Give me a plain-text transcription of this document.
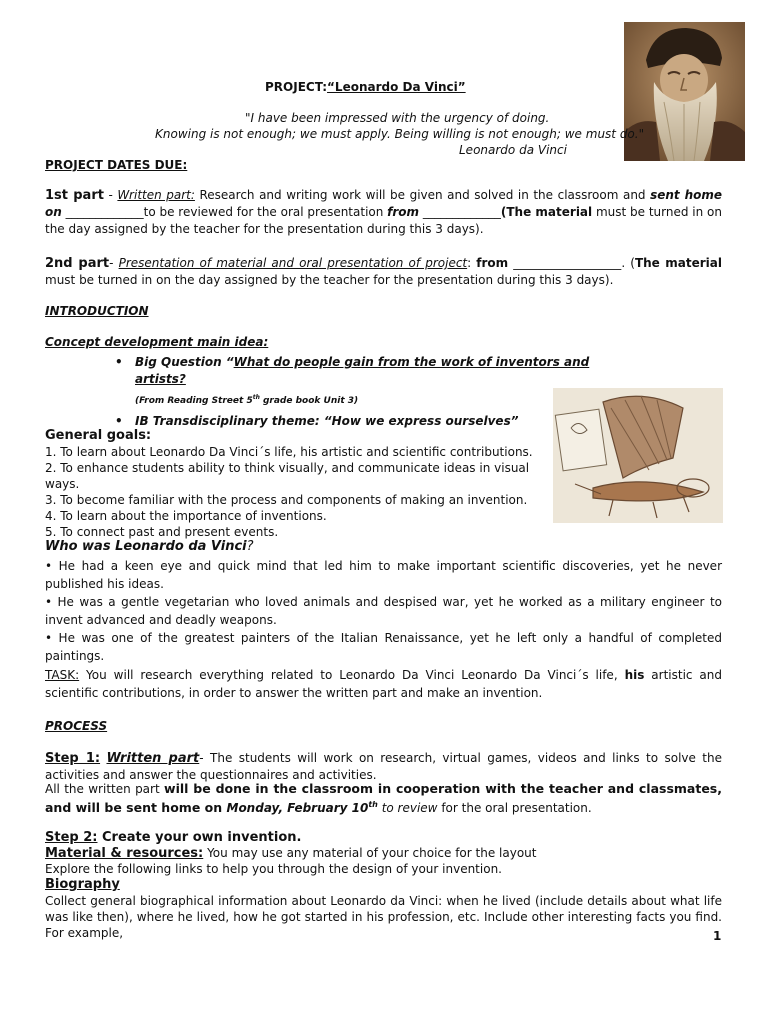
PROJECT:“Leonardo Da Vinci”
"I have been impressed with the urgency of doing.
Knowing is not enough; we must apply. Being willing is not enough; we must do."
Leonardo da Vinci
PROJECT DATES DUE:
1st part - Written part: Research and writing work will be given and solved in the classroom and sent home on _____________to be reviewed for the oral presentation from _____________(The material must be turned in on the day assigned by the teacher for the presentation during this 3 days).
2nd part- Presentation of material and oral presentation of project: from __________________. (The material must be turned in on the day assigned by the teacher for the presentation during this 3 days).
INTRODUCTION
Concept development main idea:
• Big Question “What do people gain from the work of inventors and artists?
(From Reading Street 5th grade book Unit 3)
• IB Transdisciplinary theme: “How we express ourselves”
General goals:
1. To learn about Leonardo Da Vinci´s life, his artistic and scientific contributions.
2. To enhance students ability to think visually, and communicate ideas in visual ways.
3. To become familiar with the process and components of making an invention.
4. To learn about the importance of inventions.
5. To connect past and present events.
Who was Leonardo da Vinci?
• He had a keen eye and quick mind that led him to make important scientific discoveries, yet he never published his ideas.
• He was a gentle vegetarian who loved animals and despised war, yet he worked as a military engineer to invent advanced and deadly weapons.
• He was one of the greatest painters of the Italian Renaissance, yet he left only a handful of completed paintings.
TASK: You will research everything related to Leonardo Da Vinci Leonardo Da Vinci´s life, his artistic and scientific contributions, in order to answer the written part and make an invention.
PROCESS
Step 1: Written part- The students will work on research, virtual games, videos and links to solve the activities and answer the questionnaires and activities.
All the written part will be done in the classroom in cooperation with the teacher and classmates, and will be sent home on Monday, February 10th to review for the oral presentation.
Step 2: Create your own invention.
Material & resources: You may use any material of your choice for the layout
Explore the following links to help you through the design of your invention.
Biography
Collect general biographical information about Leonardo da Vinci: when he lived (include details about what life was like then), where he lived, how he got started in his profession, etc. Include other interesting facts you find. For example,	1
